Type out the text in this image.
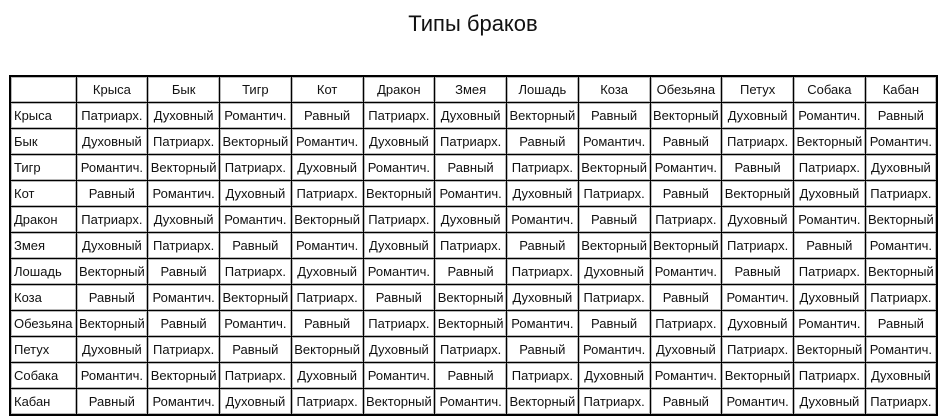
Типы браков
	Крыса	Бык	Тигр	Кот	Дракон	Змея	Лошадь	Коза	Обезьяна	Петух	Собака	Кабан
Крыса	Патриарх.	Духовный	Романтич.	Равный	Патриарх.	Духовный	Векторный	Равный	Векторный	Духовный	Романтич.	Равный
Бык	Духовный	Патриарх.	Векторный	Романтич.	Духовный	Патриарх.	Равный	Романтич.	Равный	Патриарх.	Векторный	Романтич.
Тигр	Романтич.	Векторный	Патриарх.	Духовный	Романтич.	Равный	Патриарх.	Векторный	Романтич.	Равный	Патриарх.	Духовный
Кот	Равный	Романтич.	Духовный	Патриарх.	Векторный	Романтич.	Духовный	Патриарх.	Равный	Векторный	Духовный	Патриарх.
Дракон	Патриарх.	Духовный	Романтич.	Векторный	Патриарх.	Духовный	Романтич.	Равный	Патриарх.	Духовный	Романтич.	Векторный
Змея	Духовный	Патриарх.	Равный	Романтич.	Духовный	Патриарх.	Равный	Векторный	Векторный	Патриарх.	Равный	Романтич.
Лошадь	Векторный	Равный	Патриарх.	Духовный	Романтич.	Равный	Патриарх.	Духовный	Романтич.	Равный	Патриарх.	Векторный
Коза	Равный	Романтич.	Векторный	Патриарх.	Равный	Векторный	Духовный	Патриарх.	Равный	Романтич.	Духовный	Патриарх.
Обезьяна	Векторный	Равный	Романтич.	Равный	Патриарх.	Векторный	Романтич.	Равный	Патриарх.	Духовный	Романтич.	Равный
Петух	Духовный	Патриарх.	Равный	Векторный	Духовный	Патриарх.	Равный	Романтич.	Духовный	Патриарх.	Векторный	Романтич.
Собака	Романтич.	Векторный	Патриарх.	Духовный	Романтич.	Равный	Патриарх.	Духовный	Романтич.	Векторный	Патриарх.	Духовный
Кабан	Равный	Романтич.	Духовный	Патриарх.	Векторный	Романтич.	Векторный	Патриарх.	Равный	Романтич.	Духовный	Патриарх.
